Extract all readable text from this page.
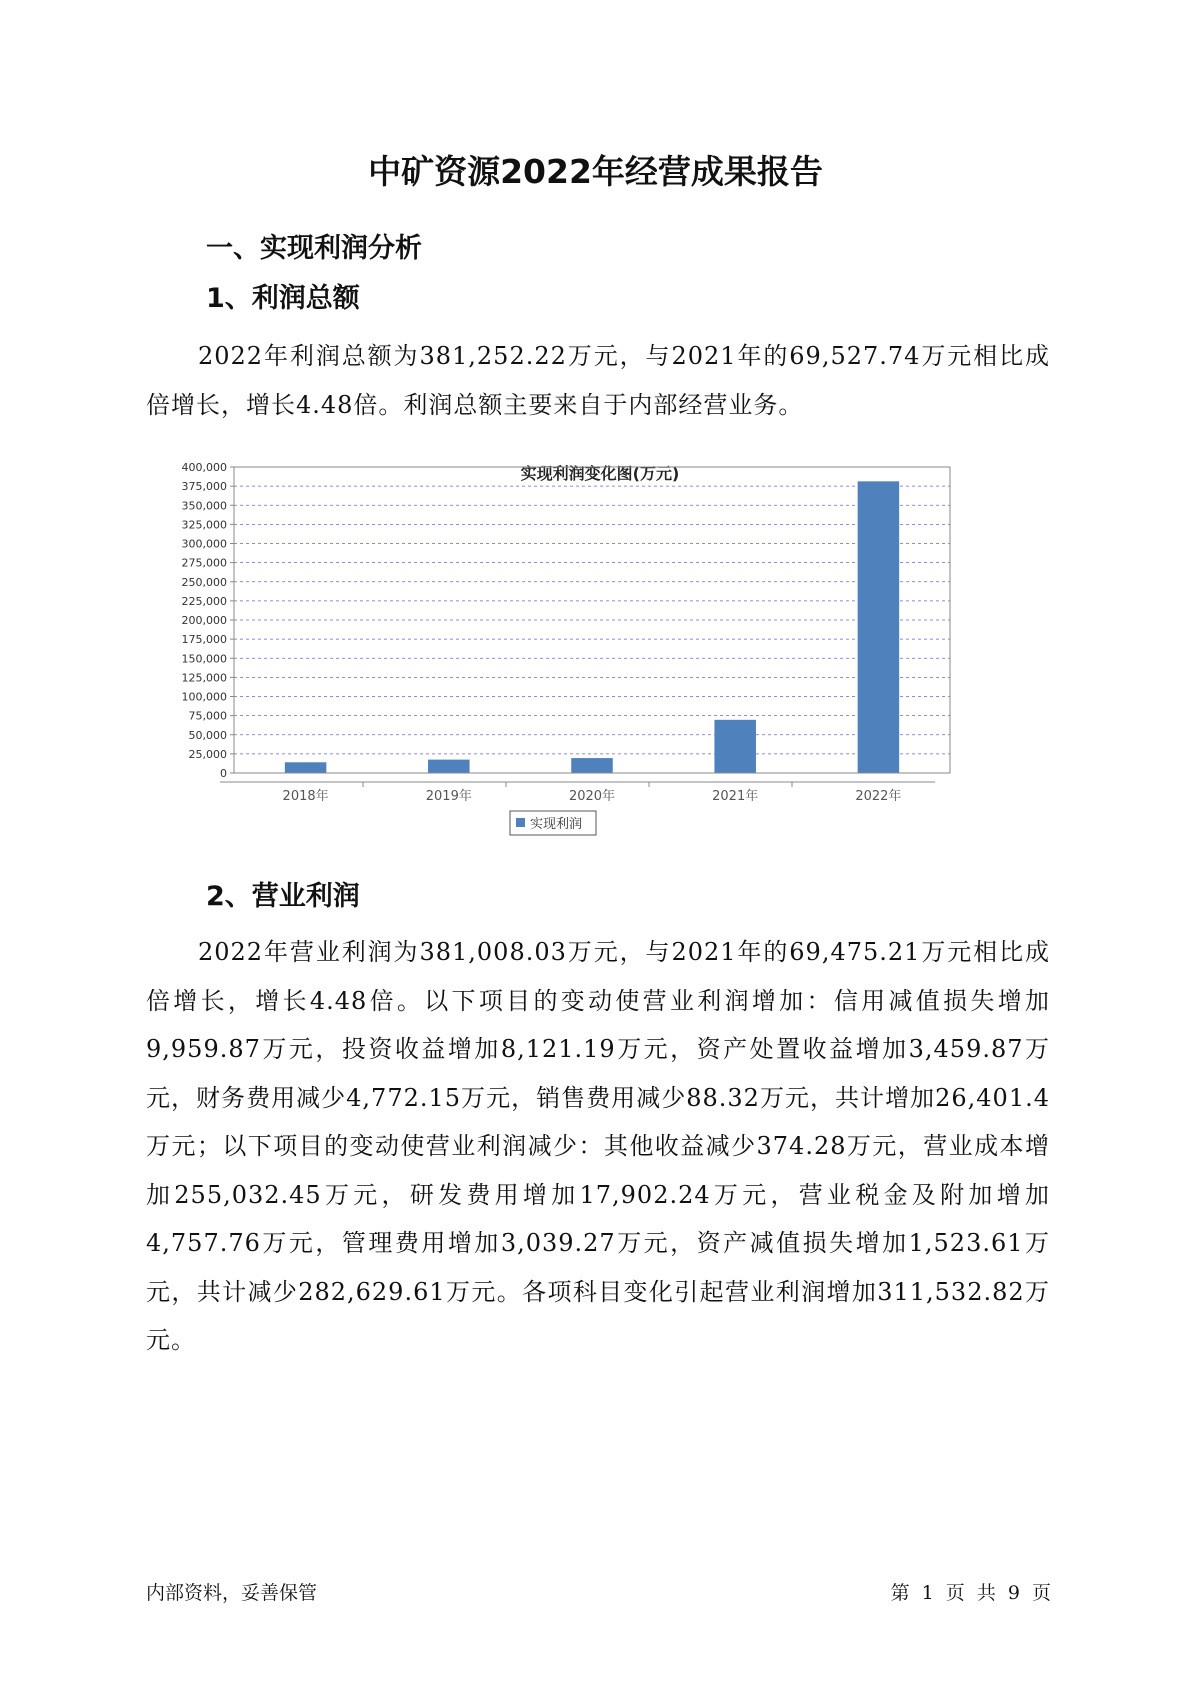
中矿资源2022年经营成果报告
一、实现利润分析
1、利润总额
2022年利润总额为381,252.22万元，与2021年的69,527.74万元相比成倍增长，增长4.48倍。利润总额主要来自于内部经营业务。
实现利润变化图(万元)
0
25,000
50,000
75,000
100,000
125,000
150,000
175,000
200,000
225,000
250,000
275,000
300,000
325,000
350,000
375,000
400,000
2018年	2019年	2020年	2021年	2022年
实现利润
2、营业利润
2022年营业利润为381,008.03万元，与2021年的69,475.21万元相比成倍增长，增长4.48倍。以下项目的变动使营业利润增加：信用减值损失增加9,959.87万元，投资收益增加8,121.19万元，资产处置收益增加3,459.87万元，财务费用减少4,772.15万元，销售费用减少88.32万元，共计增加26,401.4万元；以下项目的变动使营业利润减少：其他收益减少374.28万元，营业成本增加255,032.45万元，研发费用增加17,902.24万元，营业税金及附加增加4,757.76万元，管理费用增加3,039.27万元，资产减值损失增加1,523.61万元，共计减少282,629.61万元。各项科目变化引起营业利润增加311,532.82万元。
内部资料，妥善保管	第 1 页 共 9 页
